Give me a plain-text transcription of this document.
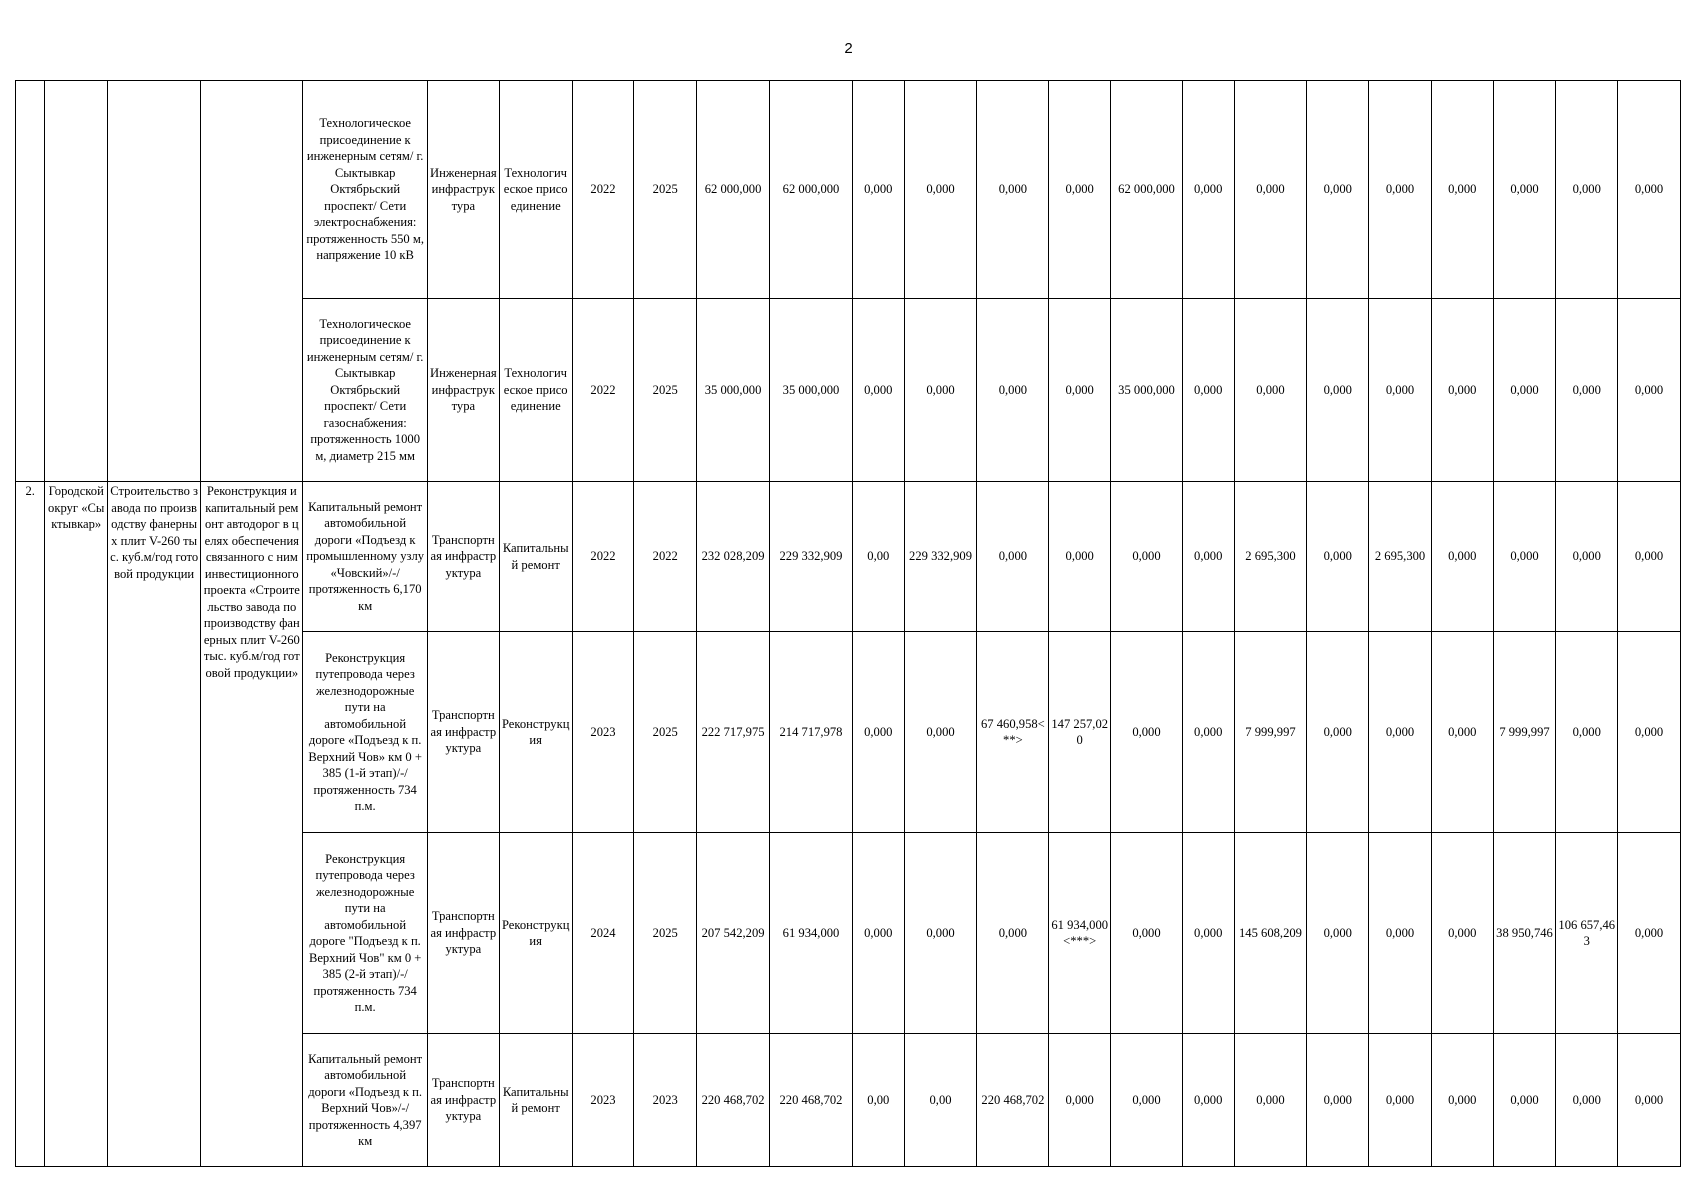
2
				Технологическое присоединение к инженерным сетям/ г. Сыктывкар Октябрьский проспект/ Сети электроснабжения: протяженность 550 м, напряжение 10 кВ	Инженерная инфраструктура	Технологическое присоединение	2022	2025	62 000,000	62 000,000	0,000	0,000	0,000	0,000	62 000,000	0,000	0,000	0,000	0,000	0,000	0,000	0,000	0,000
				Технологическое присоединение к инженерным сетям/ г. Сыктывкар Октябрьский проспект/ Сети газоснабжения: протяженность 1000 м, диаметр 215 мм	Инженерная инфраструктура	Технологическое присоединение	2022	2025	35 000,000	35 000,000	0,000	0,000	0,000	0,000	35 000,000	0,000	0,000	0,000	0,000	0,000	0,000	0,000	0,000
2.	Городской округ «Сыктывкар»	Строительство завода по производству фанерных плит V-260 тыс. куб.м/год готовой продукции	Реконструкция и капитальный ремонт автодорог в целях обеспечения связанного с ним инвестиционного проекта «Строительство завода по производству фанерных плит V-260 тыс. куб.м/год готовой продукции»	Капитальный ремонт автомобильной дороги «Подъезд к промышленному узлу «Човский»/-/протяженность 6,170 км	Транспортная инфраструктура	Капитальный ремонт	2022	2022	232 028,209	229 332,909	0,00	229 332,909	0,000	0,000	0,000	0,000	2 695,300	0,000	2 695,300	0,000	0,000	0,000	0,000
				Реконструкция путепровода через железнодорожные пути на автомобильной дороге «Подъезд к п. Верхний Чов» км 0 + 385 (1-й этап)/-/протяженность 734 п.м.	Транспортная инфраструктура	Реконструкция	2023	2025	222 717,975	214 717,978	0,000	0,000	67 460,958<**>	147 257,020	0,000	0,000	7 999,997	0,000	0,000	0,000	7 999,997	0,000	0,000
				Реконструкция путепровода через железнодорожные пути на автомобильной дороге "Подъезд к п. Верхний Чов" км 0 + 385 (2-й этап)/-/протяженность 734 п.м.	Транспортная инфраструктура	Реконструкция	2024	2025	207 542,209	61 934,000	0,000	0,000	0,000	61 934,000<***>	0,000	0,000	145 608,209	0,000	0,000	0,000	38 950,746	106 657,463	0,000
				Капитальный ремонт автомобильной дороги «Подъезд к п. Верхний Чов»/-/протяженность 4,397 км	Транспортная инфраструктура	Капитальный ремонт	2023	2023	220 468,702	220 468,702	0,00	0,00	220 468,702	0,000	0,000	0,000	0,000	0,000	0,000	0,000	0,000	0,000	0,000
